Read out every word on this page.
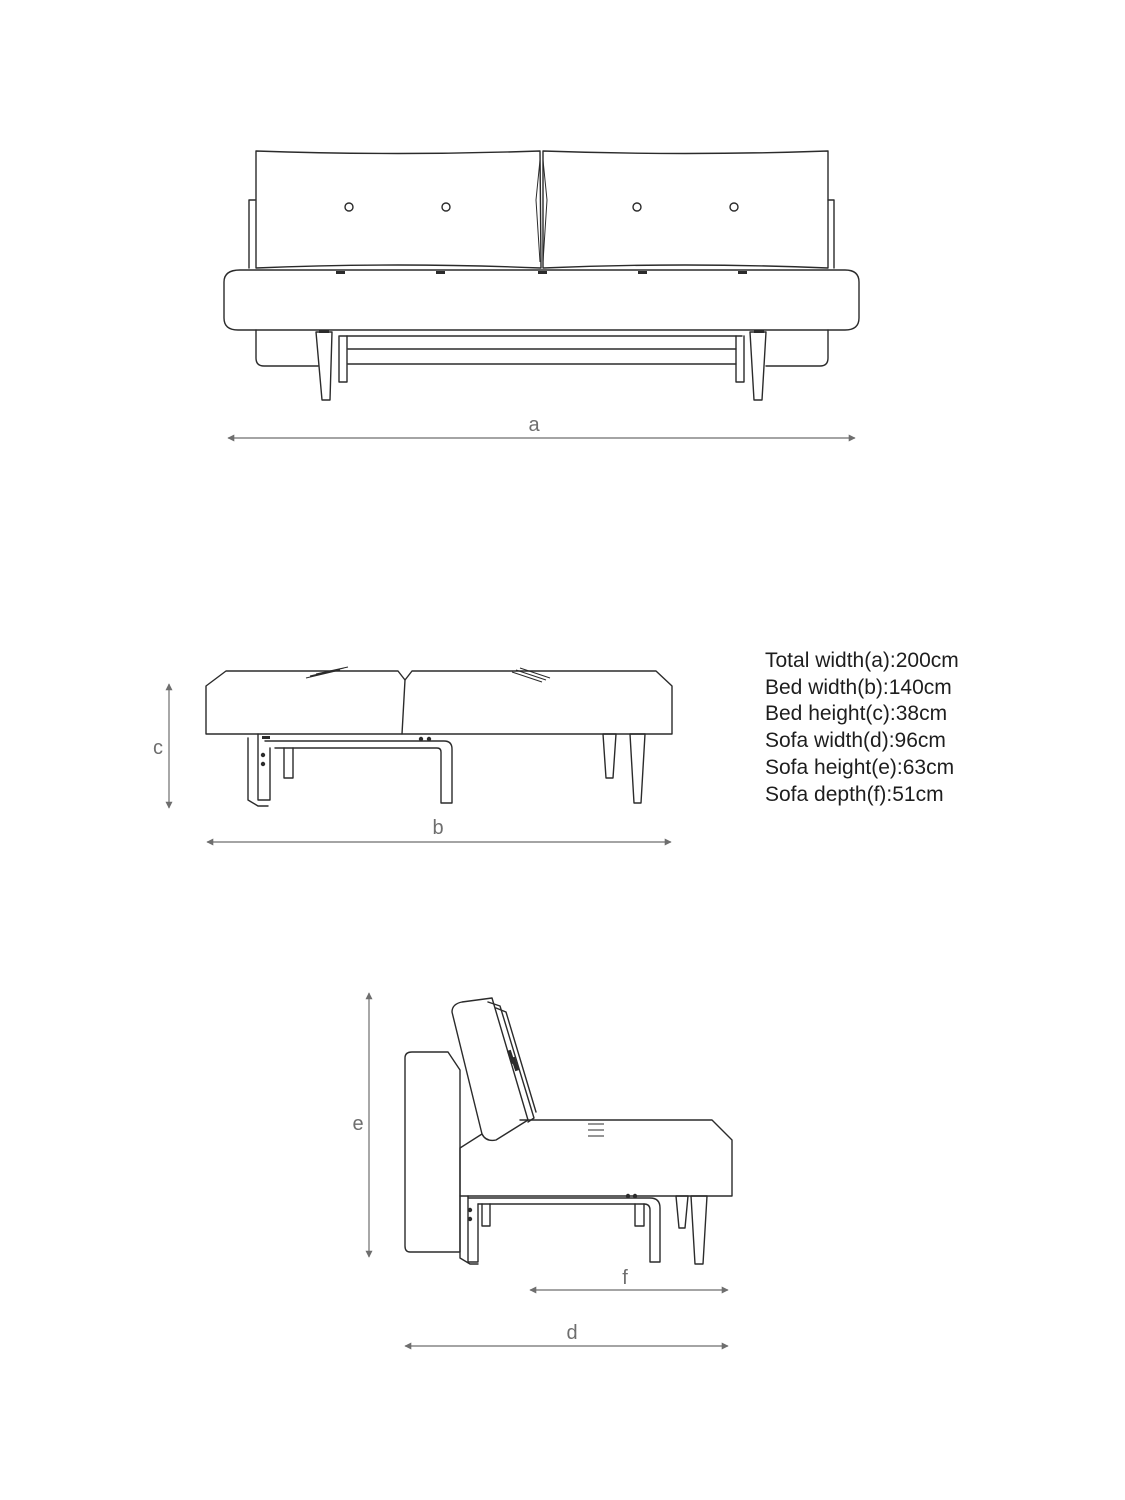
a
c
b
e
f
d
Total width(a):200cm
Bed width(b):140cm
Bed height(c):38cm
Sofa width(d):96cm
Sofa height(e):63cm
Sofa depth(f):51cm
